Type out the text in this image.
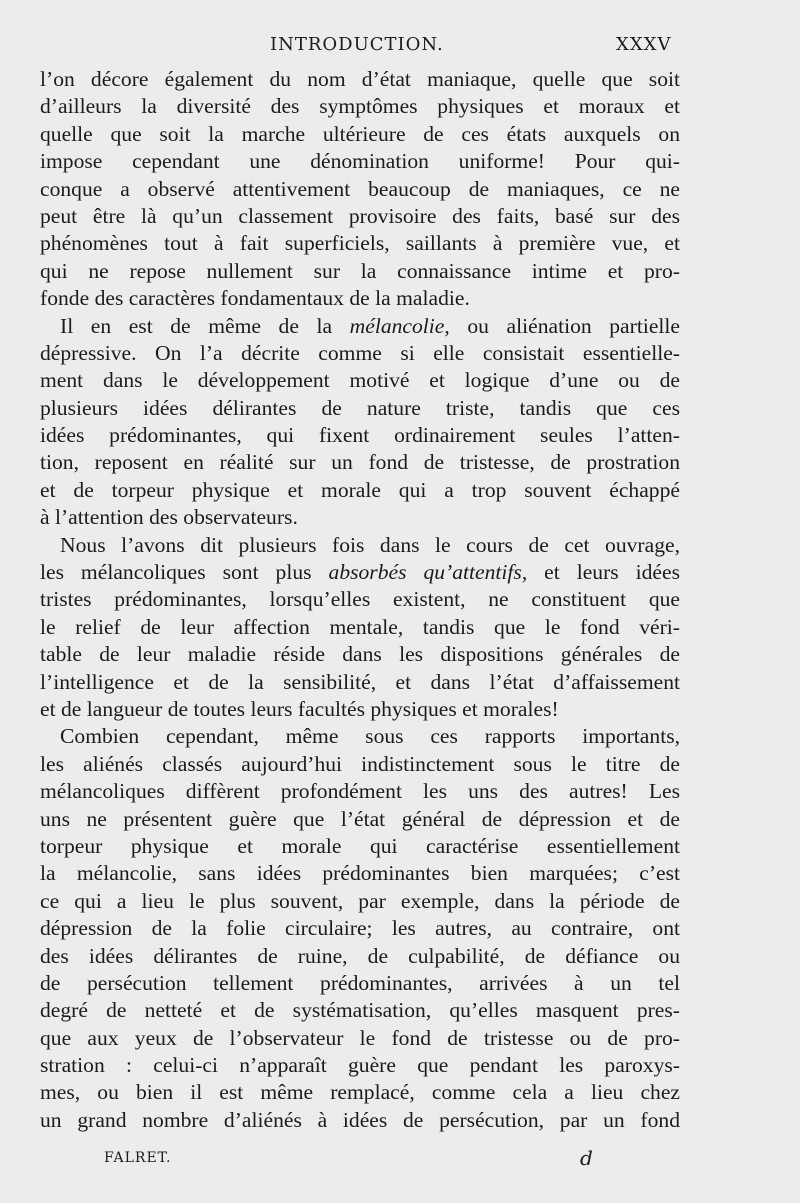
INTRODUCTION.	XXXV
l’on décore également du nom d’état maniaque, quelle que soit
d’ailleurs la diversité des symptômes physiques et moraux et
quelle que soit la marche ultérieure de ces états auxquels on
impose cependant une dénomination uniforme! Pour qui-
conque a observé attentivement beaucoup de maniaques, ce ne
peut être là qu’un classement provisoire des faits, basé sur des
phénomènes tout à fait superficiels, saillants à première vue, et
qui ne repose nullement sur la connaissance intime et pro-
fonde des caractères fondamentaux de la maladie.
Il en est de même de la mélancolie, ou aliénation partielle
dépressive. On l’a décrite comme si elle consistait essentielle-
ment dans le développement motivé et logique d’une ou de
plusieurs idées délirantes de nature triste, tandis que ces
idées prédominantes, qui fixent ordinairement seules l’atten-
tion, reposent en réalité sur un fond de tristesse, de prostration
et de torpeur physique et morale qui a trop souvent échappé
à l’attention des observateurs.
Nous l’avons dit plusieurs fois dans le cours de cet ouvrage,
les mélancoliques sont plus absorbés qu’attentifs, et leurs idées
tristes prédominantes, lorsqu’elles existent, ne constituent que
le relief de leur affection mentale, tandis que le fond véri-
table de leur maladie réside dans les dispositions générales de
l’intelligence et de la sensibilité, et dans l’état d’affaissement
et de langueur de toutes leurs facultés physiques et morales!
Combien cependant, même sous ces rapports importants,
les aliénés classés aujourd’hui indistinctement sous le titre de
mélancoliques diffèrent profondément les uns des autres! Les
uns ne présentent guère que l’état général de dépression et de
torpeur physique et morale qui caractérise essentiellement
la mélancolie, sans idées prédominantes bien marquées; c’est
ce qui a lieu le plus souvent, par exemple, dans la période de
dépression de la folie circulaire; les autres, au contraire, ont
des idées délirantes de ruine, de culpabilité, de défiance ou
de persécution tellement prédominantes, arrivées à un tel
degré de netteté et de systématisation, qu’elles masquent pres-
que aux yeux de l’observateur le fond de tristesse ou de pro-
stration : celui-ci n’apparaît guère que pendant les paroxys-
mes, ou bien il est même remplacé, comme cela a lieu chez
un grand nombre d’aliénés à idées de persécution, par un fond
FALRET.	d
